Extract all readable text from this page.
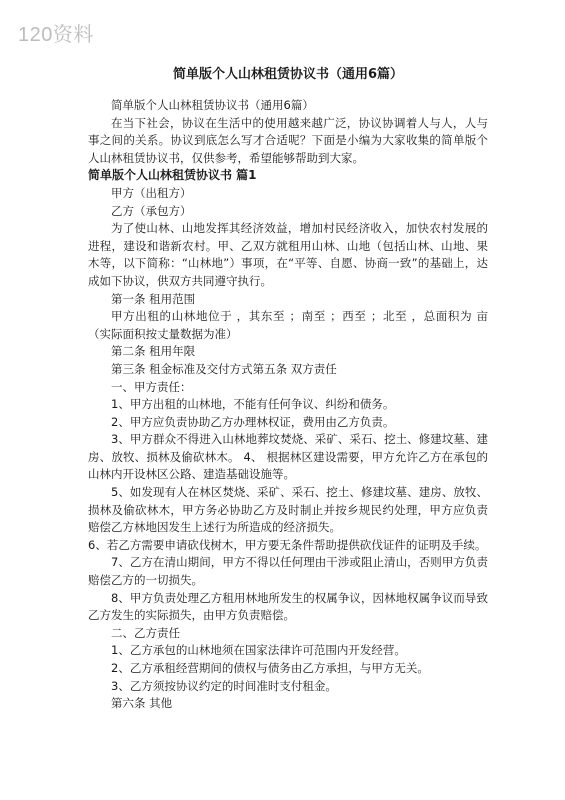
120资料
简单版个人山林租赁协议书（通用6篇）
简单版个人山林租赁协议书（通用6篇）
在当下社会，协议在生活中的使用越来越广泛，协议协调着人与人，人与事之间的关系。协议到底怎么写才合适呢？下面是小编为大家收集的简单版个人山林租赁协议书，仅供参考，希望能够帮助到大家。
简单版个人山林租赁协议书 篇1
甲方（出租方）
乙方（承包方）
为了使山林、山地发挥其经济效益，增加村民经济收入，加快农村发展的进程，建设和谐新农村。甲、乙双方就租用山林、山地（包括山林、山地、果木等，以下简称：“山林地”）事项，在“平等、自愿、协商一致”的基础上，达成如下协议，供双方共同遵守执行。
第一条 租用范围
甲方出租的山林地位于 ，其东至 ；南至 ；西至 ；北至 ，总面积为 亩（实际面积按丈量数据为准）
第二条 租用年限
第三条 租金标准及交付方式第五条 双方责任
一、甲方责任：
1、甲方出租的山林地，不能有任何争议、纠纷和债务。
2、甲方应负责协助乙方办理林权证，费用由乙方负责。
3、甲方群众不得进入山林地葬坟焚烧、采矿、采石、挖土、修建坟墓、建房、放牧、损林及偷砍林木。 4、 根据林区建设需要，甲方允许乙方在承包的山林内开设林区公路、建造基础设施等。
5、如发现有人在林区焚烧、采矿、采石、挖土、修建坟墓、建房、放牧、损林及偷砍林木，甲方务必协助乙方及时制止并按乡规民约处理，甲方应负责赔偿乙方林地因发生上述行为所造成的经济损失。
6、若乙方需要申请砍伐树木，甲方要无条件帮助提供砍伐证件的证明及手续。
7、乙方在清山期间，甲方不得以任何理由干涉或阻止清山，否则甲方负责赔偿乙方的一切损失。
8、甲方负责处理乙方租用林地所发生的权属争议，因林地权属争议而导致乙方发生的实际损失，由甲方负责赔偿。
二、乙方责任
1、乙方承包的山林地须在国家法律许可范围内开发经营。
2、乙方承租经营期间的债权与债务由乙方承担，与甲方无关。
3、乙方须按协议约定的时间准时支付租金。
第六条 其他
